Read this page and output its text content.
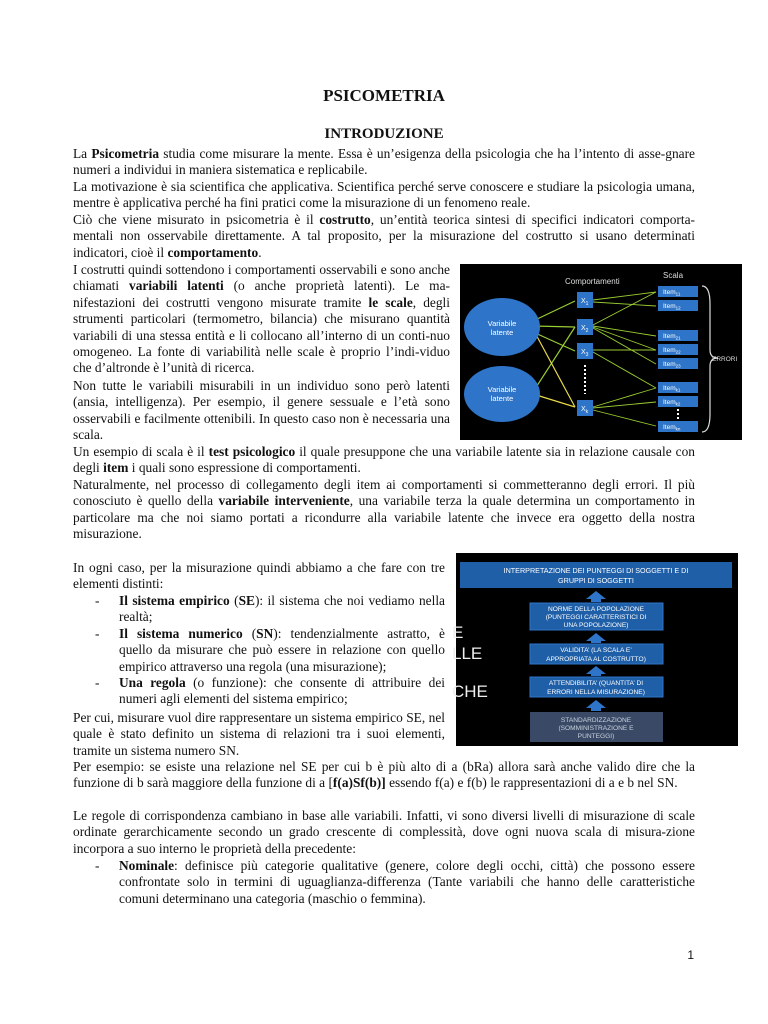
PSICOMETRIA
INTRODUZIONE

La Psicometria studia come misurare la mente. Essa è un’esigenza della psicologia che ha l’intento di asse-gnare numeri a individui in maniera sistematica e replicabile.

La motivazione è sia scientifica che applicativa. Scientifica perché serve conoscere e studiare la psicologia umana, mentre è applicativa perché ha fini pratici come la misurazione di un fenomeno reale.

Ciò che viene misurato in psicometria è il costrutto, un’entità teorica sintesi di specifici indicatori comporta-mentali non osservabile direttamente. A tal proposito, per la misurazione del costrutto si usano determinati indicatori, cioè il comportamento.

I costrutti quindi sottendono i comportamenti osservabili e sono anche chiamati variabili latenti (o anche proprietà latenti). Le ma-nifestazioni dei costrutti vengono misurate tramite le scale, degli strumenti particolari (termometro, bilancia) che misurano quantità variabili di una stessa entità e li collocano all’interno di un conti-nuo omogeneo. La fonte di variabilità nelle scale è proprio l’indi-viduo che d’altronde è l’unità di ricerca.

Non tutte le variabili misurabili in un individuo sono però latenti (ansia, intelligenza). Per esempio, il genere sessuale e l’età sono osservabili e facilmente ottenibili. In questo caso non è necessaria una scala.

Un esempio di scala è il test psicologico il quale presuppone che una variabile latente sia in relazione causale con degli item i quali sono espressione di comportamenti.

Naturalmente, nel processo di collegamento degli item ai comportamenti si commetteranno degli errori. Il più conosciuto è quello della variabile interveniente, una variabile terza la quale determina un comportamento in particolare ma che noi siamo portati a ricondurre alla variabile latente che invece era oggetto della nostra misurazione.

In ogni caso, per la misurazione quindi abbiamo a che fare con tre elementi distinti:

- Il sistema empirico (SE): il sistema che noi vediamo nella realtà;
- Il sistema numerico (SN): tendenzialmente astratto, è quello da misurare che può essere in relazione con quello empirico attraverso una regola (una misurazione);
- Una regola (o funzione): che consente di attribuire dei numeri agli elementi del sistema empirico;

Per cui, misurare vuol dire rappresentare un sistema empirico SE, nel quale è stato definito un sistema di relazioni tra i suoi elementi, tramite un sistema numero SN.

Per esempio: se esiste una relazione nel SE per cui b è più alto di a (bRa) allora sarà anche valido dire che la funzione di b sarà maggiore della funzione di a [f(a)Sf(b)] essendo f(a) e f(b) le rappresentazioni di a e b nel SN.

Le regole di corrispondenza cambiano in base alle variabili. Infatti, vi sono diversi livelli di misurazione di scale ordinate gerarchicamente secondo un grado crescente di complessità, dove ogni nuova scala di misura-zione incorpora a suo interno le proprietà della precedente:

- Nominale: definisce più categorie qualitative (genere, colore degli occhi, città) che possono essere confrontate solo in termini di uguaglianza-differenza (Tante variabili che hanno delle caratteristiche comuni determinano una categoria (maschio o femmina).
1
Comportamenti
Scala
Variabile
latente
Variabile
latente
$X_1$
$X_2$
$X_3$
$X_k$
Item$_{11}$
Item$_{12}$
Item$_{21}$
Item$_{22}$
Item$_{23}$
Item$_{k1}$
Item$_{k2}$
Item$_{kn}$
ERRORI
E
LLE
CHE
INTERPRETAZIONE DEI PUNTEGGI DI SOGGETTI E DI
GRUPPI DI SOGGETTI
NORME DELLA POPOLAZIONE
(PUNTEGGI CARATTERISTICI DI
UNA POPOLAZIONE)
VALIDITA’ (LA SCALA E’
APPROPRIATA AL COSTRUTTO)
ATTENDIBILITA’ (QUANTITA’ DI
ERRORI NELLA MISURAZIONE)
STANDARDIZZAZIONE
(SOMMINISTRAZIONE E
PUNTEGGI)
